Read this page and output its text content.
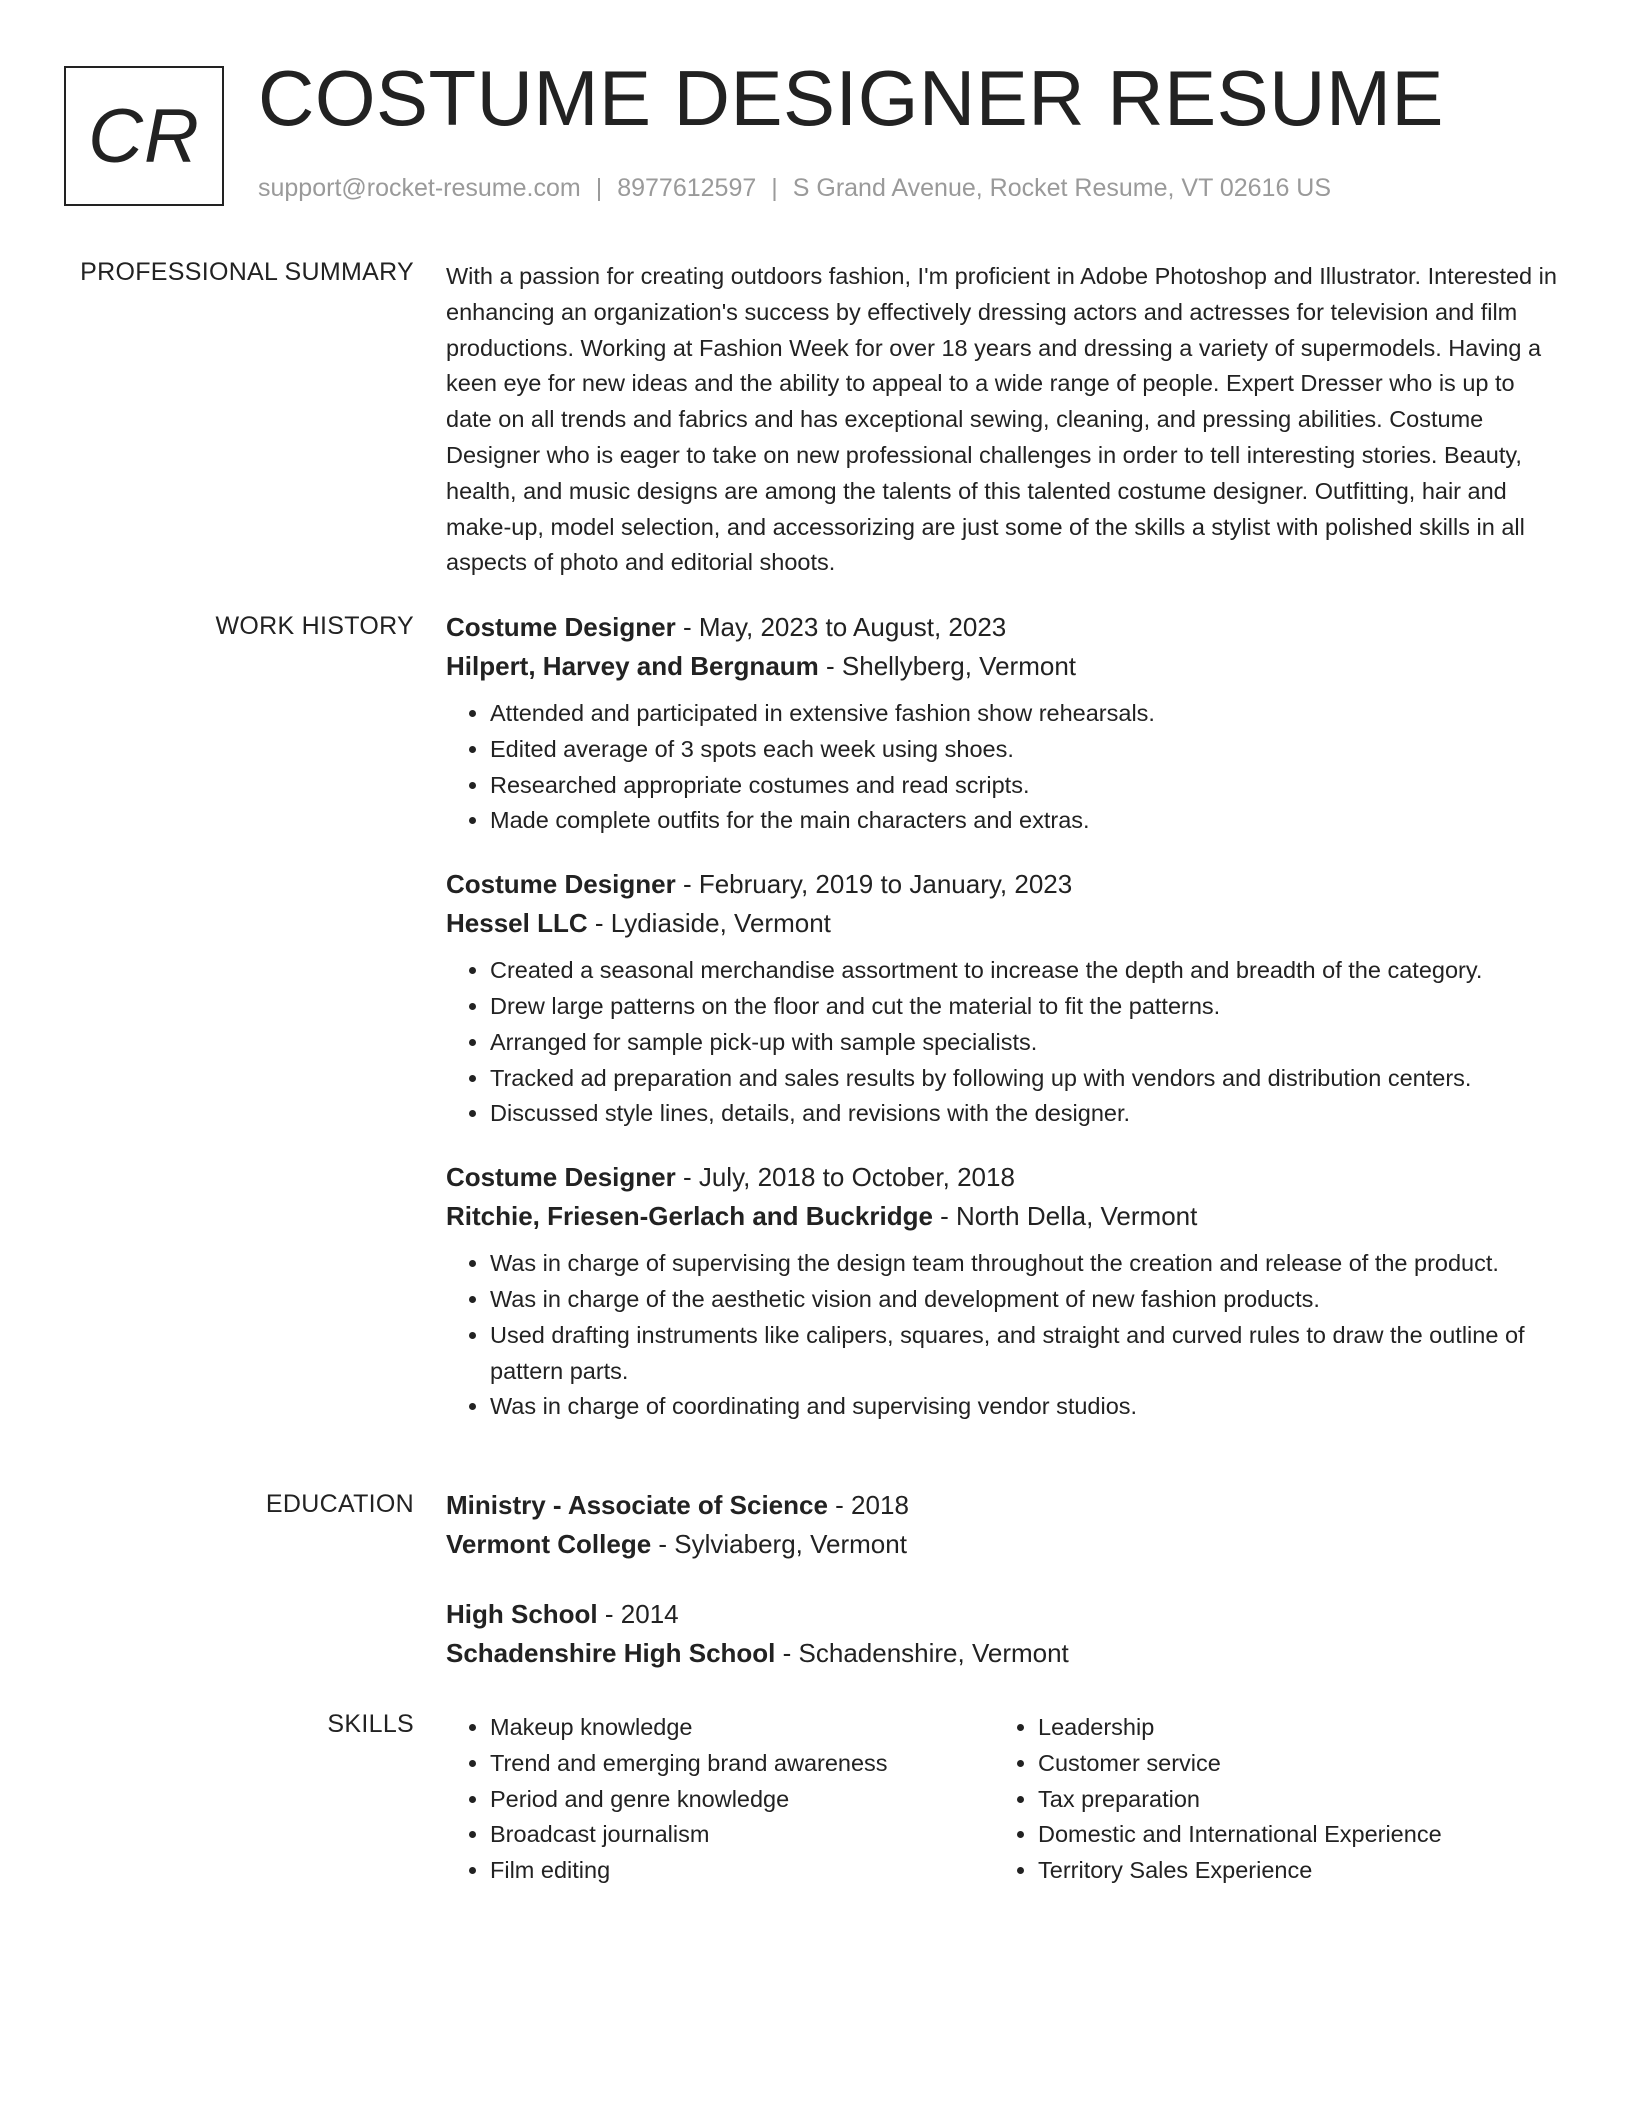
CR COSTUME DESIGNER RESUME
support@rocket-resume.com | 8977612597 | S Grand Avenue, Rocket Resume, VT 02616 US
PROFESSIONAL SUMMARY With a passion for creating outdoors fashion, I'm proficient in Adobe Photoshop and Illustrator. Interested in enhancing an organization's success by effectively dressing actors and actresses for television and film productions. Working at Fashion Week for over 18 years and dressing a variety of supermodels. Having a keen eye for new ideas and the ability to appeal to a wide range of people. Expert Dresser who is up to date on all trends and fabrics and has exceptional sewing, cleaning, and pressing abilities. Costume Designer who is eager to take on new professional challenges in order to tell interesting stories. Beauty, health, and music designs are among the talents of this talented costume designer. Outfitting, hair and make-up, model selection, and accessorizing are just some of the skills a stylist with polished skills in all aspects of photo and editorial shoots.

WORK HISTORY Costume Designer - May, 2023 to August, 2023
Hilpert, Harvey and Bergnaum - Shellyberg, Vermont
• Attended and participated in extensive fashion show rehearsals.
• Edited average of 3 spots each week using shoes.
• Researched appropriate costumes and read scripts.
• Made complete outfits for the main characters and extras.
Costume Designer - February, 2019 to January, 2023
Hessel LLC - Lydiaside, Vermont
• Created a seasonal merchandise assortment to increase the depth and breadth of the category.
• Drew large patterns on the floor and cut the material to fit the patterns.
• Arranged for sample pick-up with sample specialists.
• Tracked ad preparation and sales results by following up with vendors and distribution centers.
• Discussed style lines, details, and revisions with the designer.
Costume Designer - July, 2018 to October, 2018
Ritchie, Friesen-Gerlach and Buckridge - North Della, Vermont
• Was in charge of supervising the design team throughout the creation and release of the product.
• Was in charge of the aesthetic vision and development of new fashion products.
• Used drafting instruments like calipers, squares, and straight and curved rules to draw the outline of pattern parts.
• Was in charge of coordinating and supervising vendor studios.
EDUCATION Ministry - Associate of Science - 2018
Vermont College - Sylviaberg, Vermont
High School - 2014
Schadenshire High School - Schadenshire, Vermont
SKILLS
•	Makeup knowledge
• Trend and emerging brand awareness
• Period and genre knowledge
• Broadcast journalism
• Film editing
• Leadership
• Customer service
• Tax preparation
• Domestic and International Experience
• Territory Sales Experience
